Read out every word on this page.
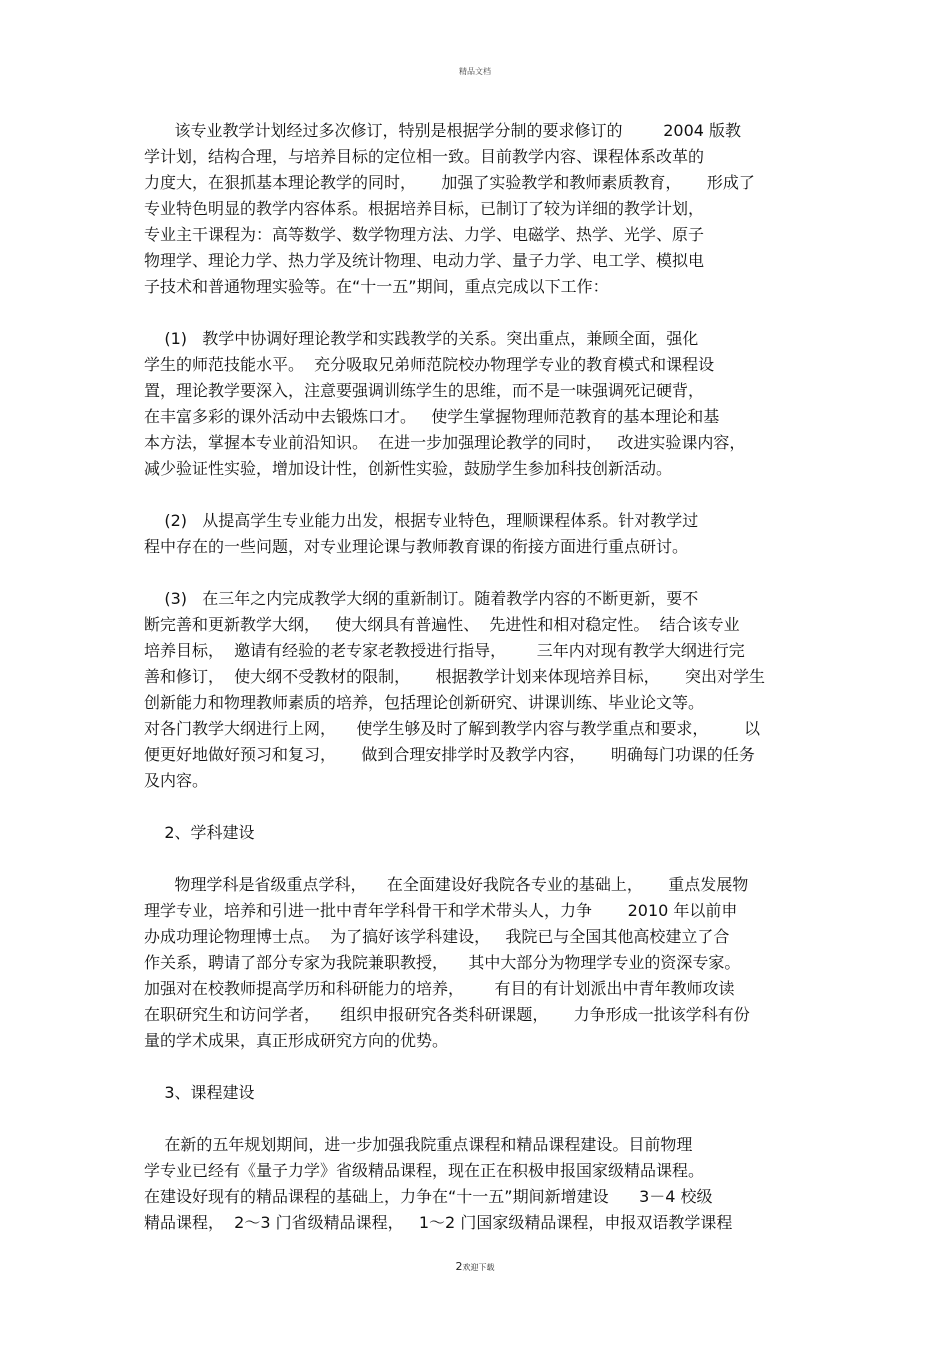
精品文档
该专业教学计划经过多次修订，特别是根据学分制的要求修订的        2004 版教
学计划，结构合理，与培养目标的定位相一致。目前教学内容、课程体系改革的
力度大，在狠抓基本理论教学的同时，     加强了实验教学和教师素质教育，     形成了
专业特色明显的教学内容体系。根据培养目标，已制订了较为详细的教学计划，
专业主干课程为：高等数学、数学物理方法、力学、电磁学、热学、光学、原子
物理学、理论力学、热力学及统计物理、电动力学、量子力学、电工学、模拟电
子技术和普通物理实验等。在“十一五”期间，重点完成以下工作：
(1)   教学中协调好理论教学和实践教学的关系。突出重点，兼顾全面，强化
学生的师范技能水平。  充分吸取兄弟师范院校办物理学专业的教育模式和课程设
置，理论教学要深入，注意要强调训练学生的思维，而不是一味强调死记硬背，
在丰富多彩的课外活动中去锻炼口才。   使学生掌握物理师范教育的基本理论和基
本方法，掌握本专业前沿知识。  在进一步加强理论教学的同时，   改进实验课内容，
减少验证性实验，增加设计性，创新性实验，鼓励学生参加科技创新活动。
(2)   从提高学生专业能力出发，根据专业特色，理顺课程体系。针对教学过
程中存在的一些问题，对专业理论课与教师教育课的衔接方面进行重点研讨。
(3)   在三年之内完成教学大纲的重新制订。随着教学内容的不断更新，要不
断完善和更新教学大纲，   使大纲具有普遍性、  先进性和相对稳定性。  结合该专业
培养目标，  邀请有经验的老专家老教授进行指导，      三年内对现有教学大纲进行完
善和修订，  使大纲不受教材的限制，     根据教学计划来体现培养目标，     突出对学生
创新能力和物理教师素质的培养，包括理论创新研究、讲课训练、毕业论文等。
对各门教学大纲进行上网，    使学生够及时了解到教学内容与教学重点和要求，       以
便更好地做好预习和复习，     做到合理安排学时及教学内容，     明确每门功课的任务
及内容。
2、学科建设
物理学科是省级重点学科，    在全面建设好我院各专业的基础上，     重点发展物
理学专业，培养和引进一批中青年学科骨干和学术带头人，力争       2010 年以前申
办成功理论物理博士点。  为了搞好该学科建设，   我院已与全国其他高校建立了合
作关系，聘请了部分专家为我院兼职教授，    其中大部分为物理学专业的资深专家。
加强对在校教师提高学历和科研能力的培养，      有目的有计划派出中青年教师攻读
在职研究生和访问学者，    组织申报研究各类科研课题，     力争形成一批该学科有份
量的学术成果，真正形成研究方向的优势。
3、课程建设
在新的五年规划期间，进一步加强我院重点课程和精品课程建设。目前物理
学专业已经有《量子力学》省级精品课程，现在正在积极申报国家级精品课程。
在建设好现有的精品课程的基础上，力争在“十一五”期间新增建设      3－4 校级
精品课程，  2～3 门省级精品课程，   1～2 门国家级精品课程，申报双语教学课程
2欢迎下载
